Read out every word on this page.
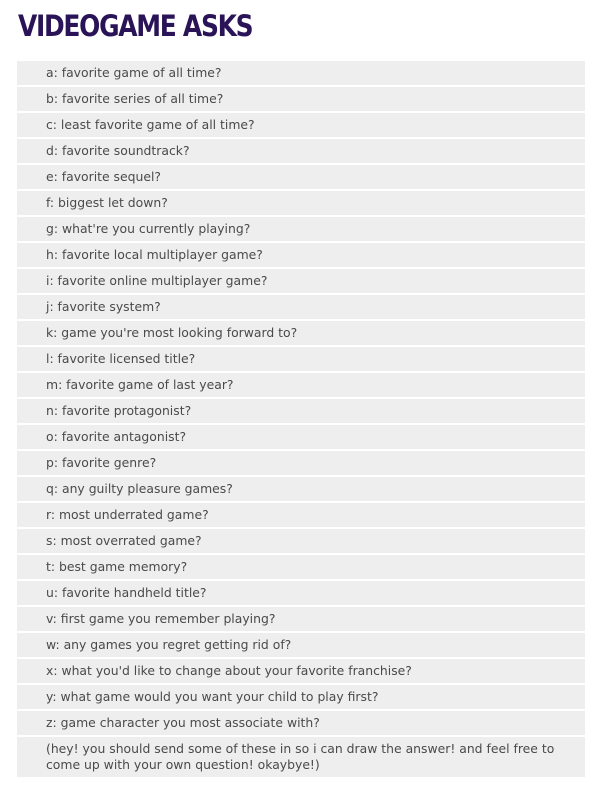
VIDEOGAME ASKS
a: favorite game of all time?
b: favorite series of all time?
c: least favorite game of all time?
d: favorite soundtrack?
e: favorite sequel?
f: biggest let down?
g: what're you currently playing?
h: favorite local multiplayer game?
i: favorite online multiplayer game?
j: favorite system?
k: game you're most looking forward to?
l: favorite licensed title?
m: favorite game of last year?
n: favorite protagonist?
o: favorite antagonist?
p: favorite genre?
q: any guilty pleasure games?
r: most underrated game?
s: most overrated game?
t: best game memory?
u: favorite handheld title?
v: first game you remember playing?
w: any games you regret getting rid of?
x: what you'd like to change about your favorite franchise?
y: what game would you want your child to play first?
z: game character you most associate with?
(hey! you should send some of these in so i can draw the answer! and feel free to come up with your own question! okaybye!)
